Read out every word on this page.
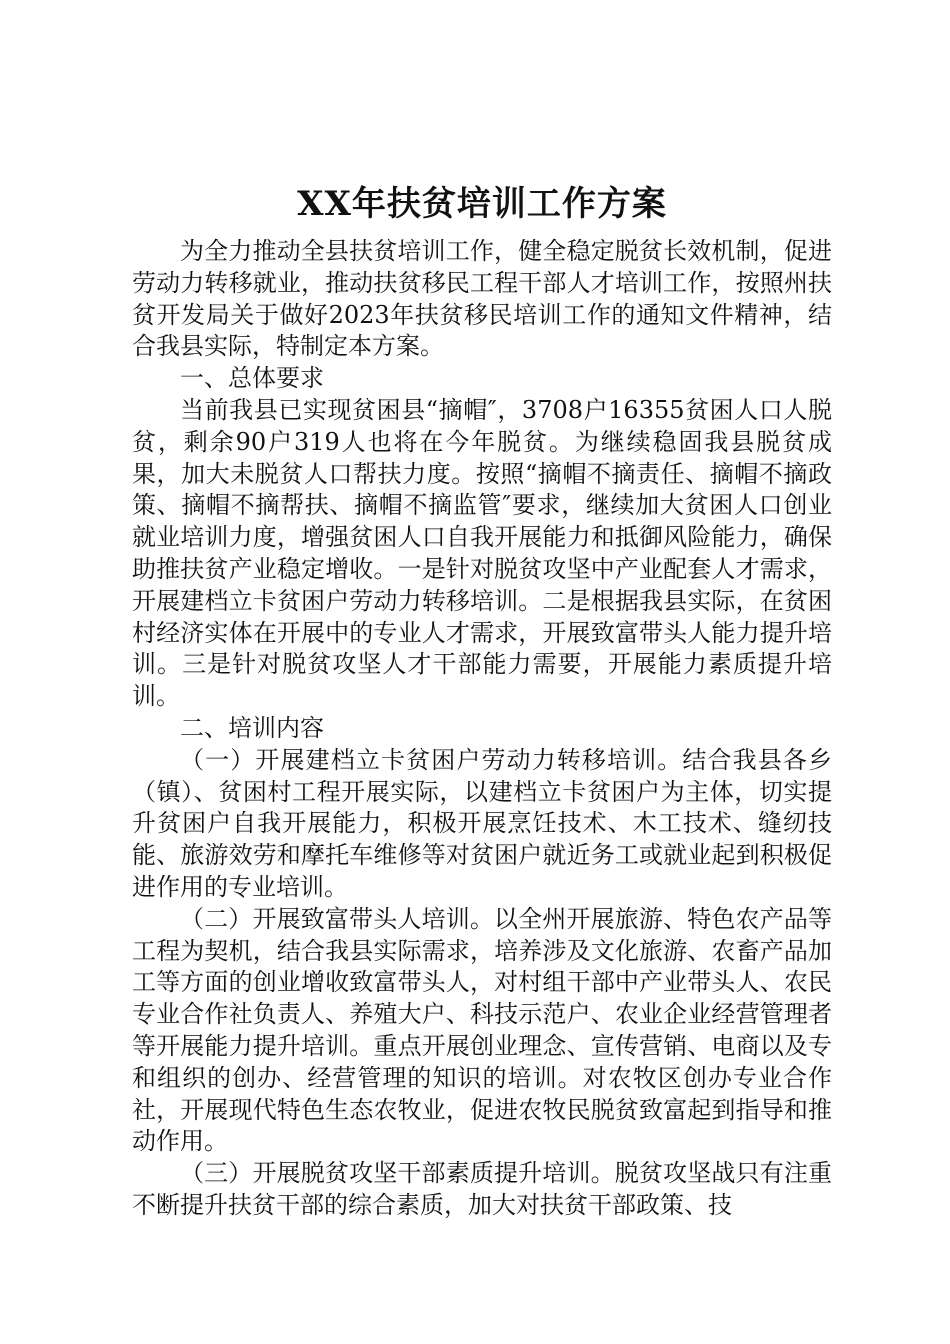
XX年扶贫培训工作方案

为全力推动全县扶贫培训工作，健全稳定脱贫长效机制，促进劳动力转移就业，推动扶贫移民工程干部人才培训工作，按照州扶贫开发局关于做好2023年扶贫移民培训工作的通知文件精神，结合我县实际，特制定本方案。

一、总体要求

当前我县已实现贫困县“摘帽″，3708户16355贫困人口人脱贫，剩余90户319人也将在今年脱贫。为继续稳固我县脱贫成果，加大未脱贫人口帮扶力度。按照“摘帽不摘责任、摘帽不摘政策、摘帽不摘帮扶、摘帽不摘监管″要求，继续加大贫困人口创业就业培训力度，增强贫困人口自我开展能力和抵御风险能力，确保助推扶贫产业稳定增收。一是针对脱贫攻坚中产业配套人才需求，开展建档立卡贫困户劳动力转移培训。二是根据我县实际，在贫困村经济实体在开展中的专业人才需求，开展致富带头人能力提升培训。三是针对脱贫攻坚人才干部能力需要，开展能力素质提升培训。

二、培训内容

（一）开展建档立卡贫困户劳动力转移培训。结合我县各乡（镇）、贫困村工程开展实际，以建档立卡贫困户为主体，切实提升贫困户自我开展能力，积极开展烹饪技术、木工技术、缝纫技能、旅游效劳和摩托车维修等对贫困户就近务工或就业起到积极促进作用的专业培训。

（二）开展致富带头人培训。以全州开展旅游、特色农产品等工程为契机，结合我县实际需求，培养涉及文化旅游、农畜产品加工等方面的创业增收致富带头人，对村组干部中产业带头人、农民专业合作社负责人、养殖大户、科技示范户、农业企业经营管理者等开展能力提升培训。重点开展创业理念、宣传营销、电商以及专和组织的创办、经营管理的知识的培训。对农牧区创办专业合作社，开展现代特色生态农牧业，促进农牧民脱贫致富起到指导和推动作用。

（三）开展脱贫攻坚干部素质提升培训。脱贫攻坚战只有注重不断提升扶贫干部的综合素质，加大对扶贫干部政策、技
